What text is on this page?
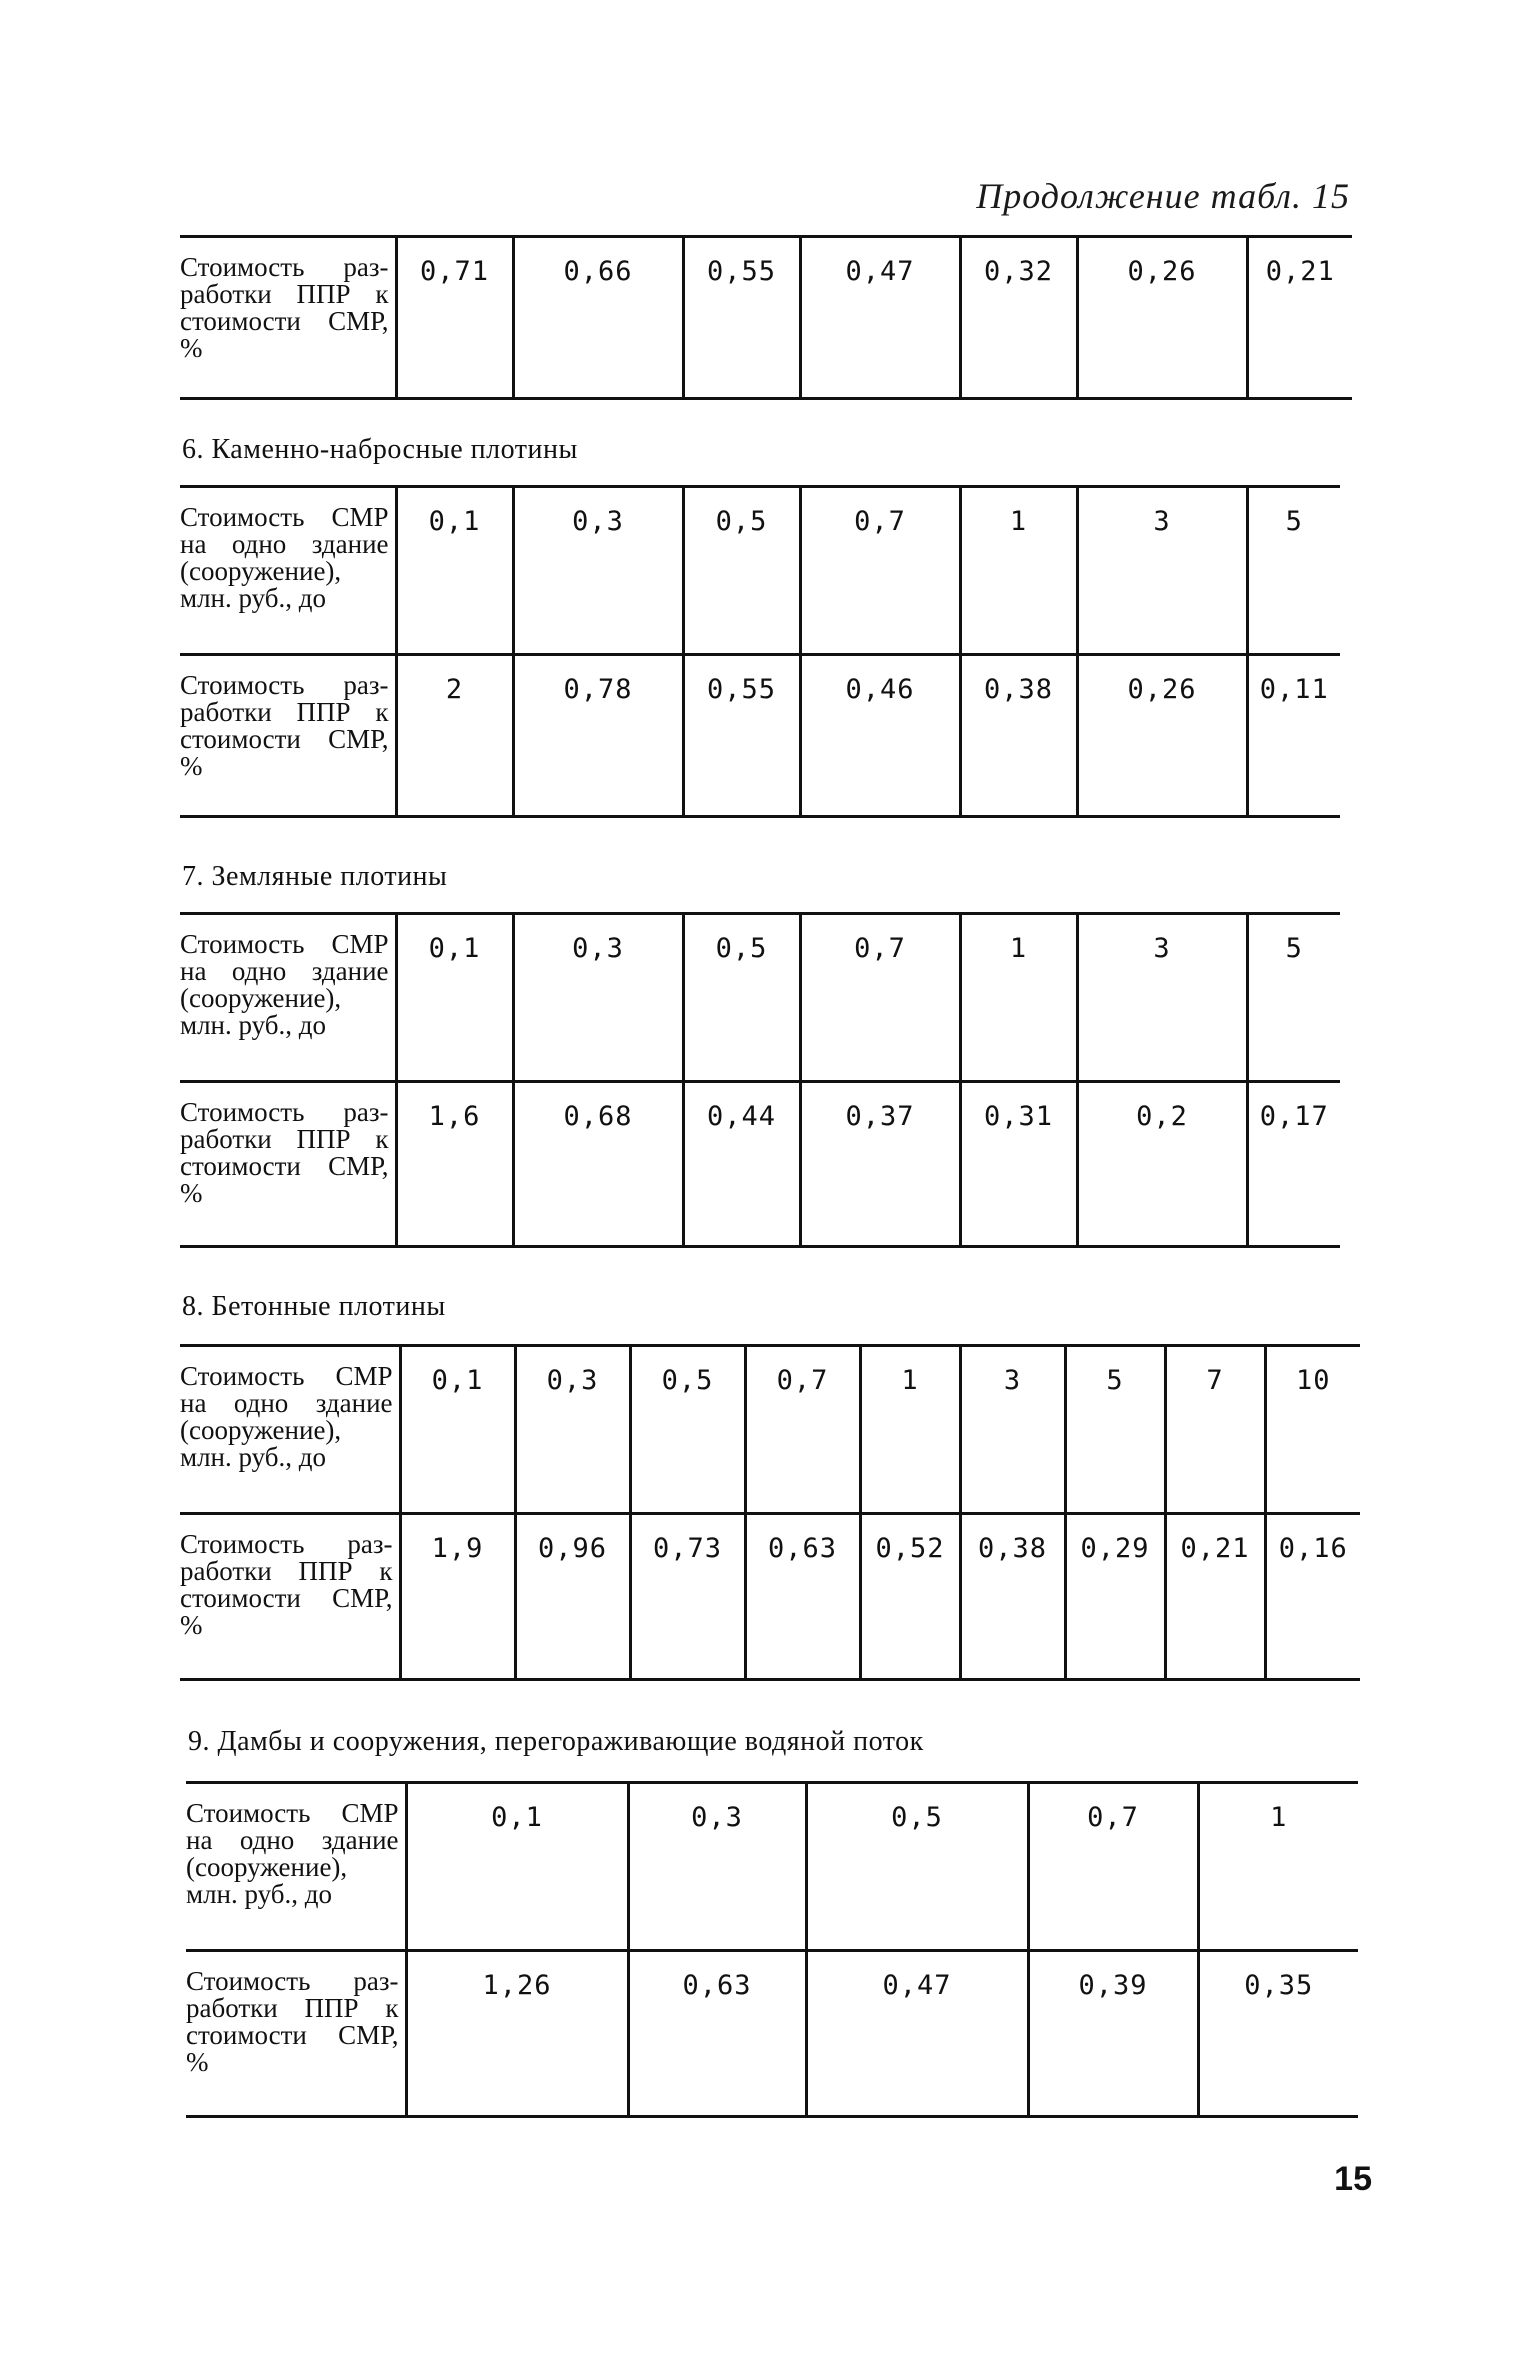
Продолжение табл. 15
Стоимость разработки ППР к стоимости СМР, %	0,71	0,66	0,55	0,47	0,32	0,26	0,21
6. Каменно-набросные плотины
Стоимость СМР на одно здание (сооружение), млн. руб., до	0,1	0,3	0,5	0,7	1	3	5
Стоимость разработки ППР к стоимости СМР, %	2	0,78	0,55	0,46	0,38	0,26	0,11
7. Земляные плотины
Стоимость СМР на одно здание (сооружение), млн. руб., до	0,1	0,3	0,5	0,7	1	3	5
Стоимость разработки ППР к стоимости СМР, %	1,6	0,68	0,44	0,37	0,31	0,2	0,17
8. Бетонные плотины
Стоимость СМР на одно здание (сооружение), млн. руб., до	0,1	0,3	0,5	0,7	1	3	5	7	10
Стоимость разработки ППР к стоимости СМР, %	1,9	0,96	0,73	0,63	0,52	0,38	0,29	0,21	0,16
9. Дамбы и сооружения, перегораживающие водяной поток
Стоимость СМР на одно здание (сооружение), млн. руб., до	0,1	0,3	0,5	0,7	1
Стоимость разработки ППР к стоимости СМР, %	1,26	0,63	0,47	0,39	0,35
15
